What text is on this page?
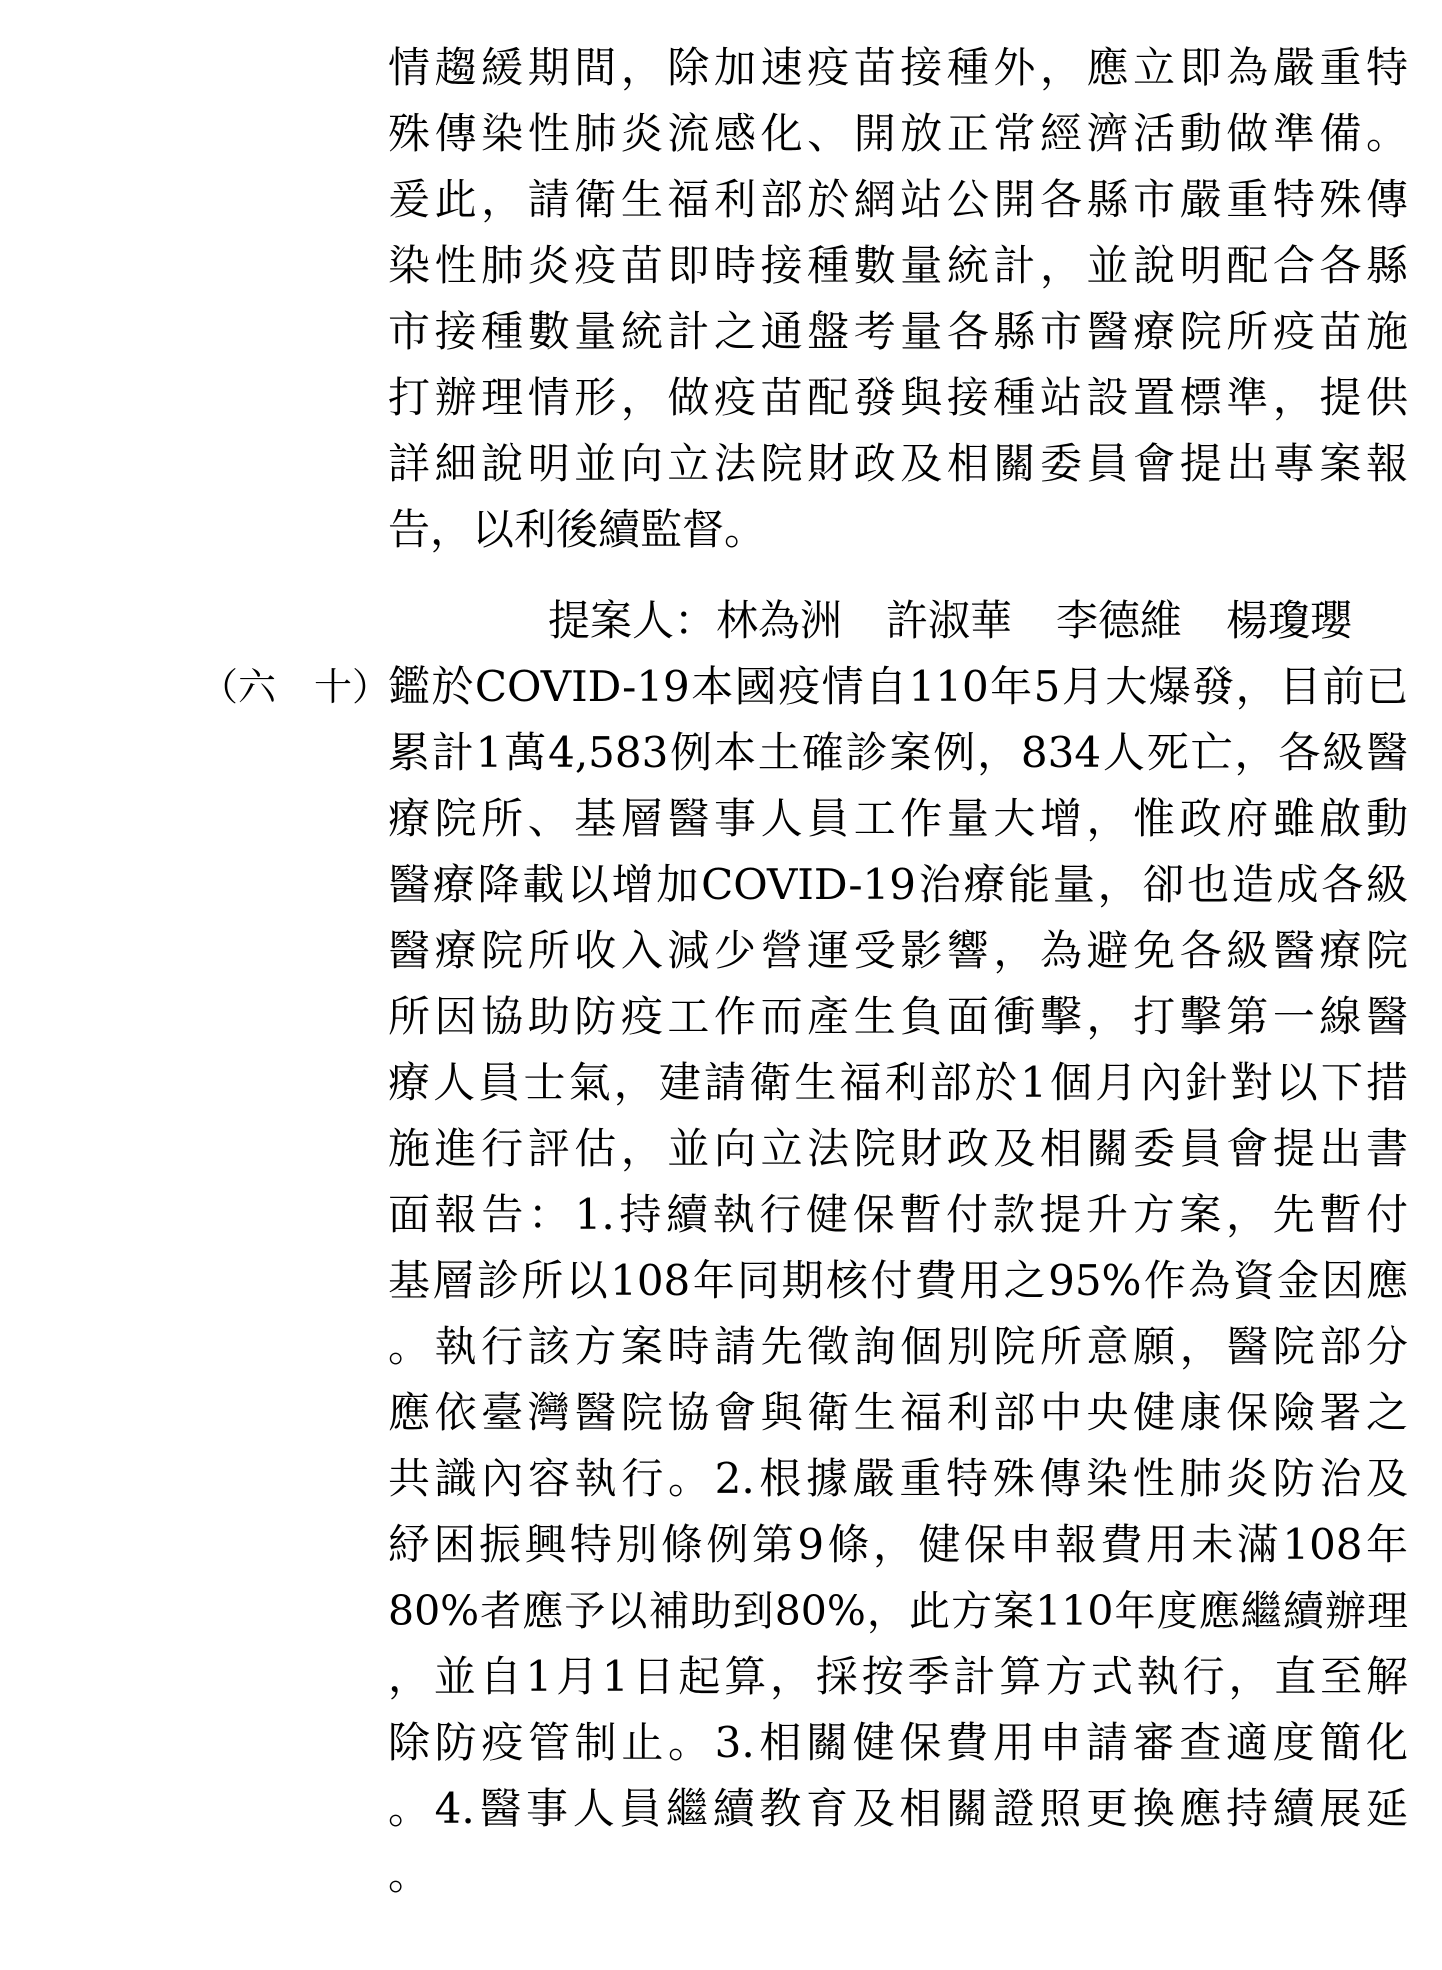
情趨緩期間，除加速疫苗接種外，應立即為嚴重特
殊傳染性肺炎流感化、開放正常經濟活動做準備。
爰此，請衛生福利部於網站公開各縣市嚴重特殊傳
染性肺炎疫苗即時接種數量統計，並說明配合各縣
市接種數量統計之通盤考量各縣市醫療院所疫苗施
打辦理情形，做疫苗配發與接種站設置標準，提供
詳細說明並向立法院財政及相關委員會提出專案報
告，以利後續監督。
提案人：林為洲 許淑華 李德維 楊瓊瓔
（六　十）
鑑於COVID-19本國疫情自110年5月大爆發，目前已
累計1萬4,583例本土確診案例，834人死亡，各級醫
療院所、基層醫事人員工作量大增，惟政府雖啟動
醫療降載以增加COVID-19治療能量，卻也造成各級
醫療院所收入減少營運受影響，為避免各級醫療院
所因協助防疫工作而產生負面衝擊，打擊第一線醫
療人員士氣，建請衛生福利部於1個月內針對以下措
施進行評估，並向立法院財政及相關委員會提出書
面報告：1.持續執行健保暫付款提升方案，先暫付
基層診所以108年同期核付費用之95%作為資金因應
。執行該方案時請先徵詢個別院所意願，醫院部分
應依臺灣醫院協會與衛生福利部中央健康保險署之
共識內容執行。2.根據嚴重特殊傳染性肺炎防治及
紓困振興特別條例第9條，健保申報費用未滿108年
80%者應予以補助到80%，此方案110年度應繼續辦理
，並自1月1日起算，採按季計算方式執行，直至解
除防疫管制止。3.相關健保費用申請審查適度簡化
。4.醫事人員繼續教育及相關證照更換應持續展延
。
